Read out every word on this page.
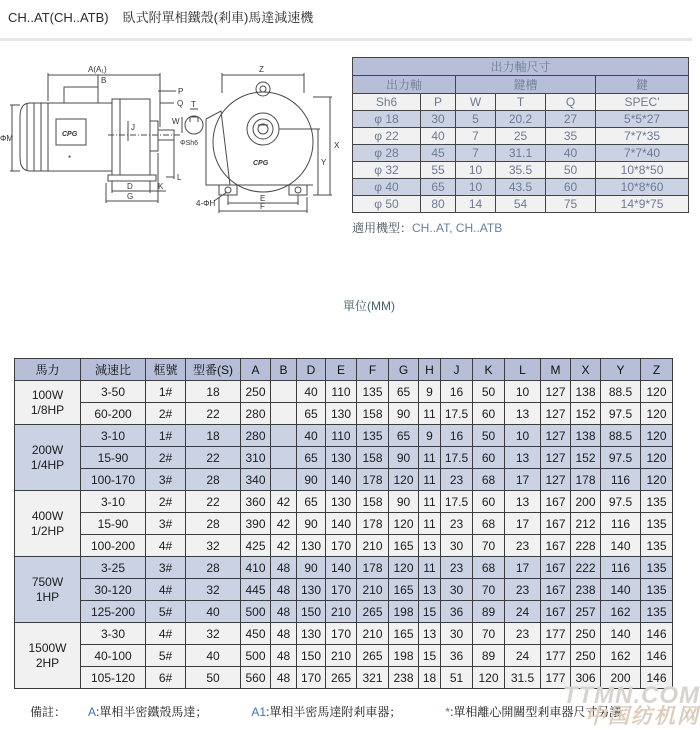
CH..AT(CH..ATB) 臥式附單相鐵殼(剎車)馬達減速機
A(A₁)
B
P
Q
ΦM
J
D
G
K
L
*
CPG
Z
X
Y
E
F
W
T
ΦSh6
4-ΦH
CPG
出力軸尺寸					
出力軸		鍵槽			鍵
Sh6	P	W	T	Q	SPEC'
φ 18	30	5	20.2	27	5*5*27
φ 22	40	7	25	35	7*7*35
φ 28	45	7	31.1	40	7*7*40
φ 32	55	10	35.5	50	10*8*50
φ 40	65	10	43.5	60	10*8*60
φ 50	80	14	54	75	14*9*75
適用機型：CH..AT, CH..ATB
單位(MM)
馬力	減速比	框號	型番(S)	A	B	D	E	F	G	H	J	K	L	M	X	Y	Z

100W
1/8HP	3-50	1#	18	250		40	110	135	65	9	16	50	10	127	138	88.5	120
	60-200	2#	22	280		65	130	158	90	11	17.5	60	13	127	152	97.5	120

200W
1/4HP	3-10	1#	18	280		40	110	135	65	9	16	50	10	127	138	88.5	120
	15-90	2#	22	310		65	130	158	90	11	17.5	60	13	127	152	97.5	120
	100-170	3#	28	340		90	140	178	120	11	23	68	17	127	178	116	120

400W
1/2HP	3-10	2#	22	360	42	65	130	158	90	11	17.5	60	13	167	200	97.5	135
	15-90	3#	28	390	42	90	140	178	120	11	23	68	17	167	212	116	135
	100-200	4#	32	425	42	130	170	210	165	13	30	70	23	167	228	140	135

750W
1HP	3-25	3#	28	410	48	90	140	178	120	11	23	68	17	167	222	116	135
	30-120	4#	32	445	48	130	170	210	165	13	30	70	23	167	238	140	135
	125-200	5#	40	500	48	150	210	265	198	15	36	89	24	167	257	162	135

1500W
2HP	3-30	4#	32	450	48	130	170	210	165	13	30	70	23	177	250	140	146
	40-100	5#	40	500	48	150	210	265	198	15	36	89	24	177	250	162	146
	105-120	6#	50	560	48	170	265	321	238	18	51	120	31.5	177	306	200	146
備註： A:單相半密鐵殼馬達；	A1:單相半密馬達附剎車器；	*:單相離心開關型剎車器尺寸另議
TTMN.COM
中国纺机网
